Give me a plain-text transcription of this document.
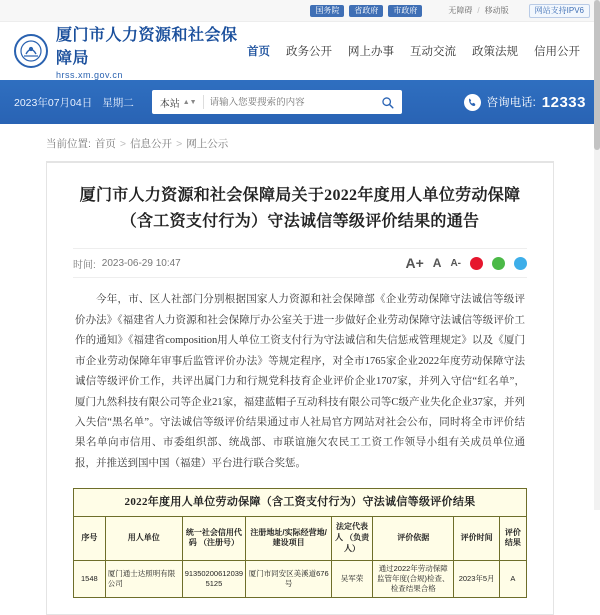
国务院	省政府	市政府	无障碍 / 移动版	网站支持IPV6
厦门市人力资源和社会保障局
hrss.xm.gov.cn
首页 政务公开 网上办事 互动交流 政策法规 信用公开
2023年07月04日 星期二	本站 ▲▼
请输入您要搜索的内容	咨询电话: 12333
当前位置: 首页 > 信息公开 > 网上公示
厦门市人力资源和社会保障局关于2022年度用人单位劳动保障（含工资支付行为）守法诚信等级评价结果的通告
时间: 2023-06-29 10:47	A+ A A-
今年，市、区人社部门分别根据国家人力资源和社会保障部《企业劳动保障守法诚信等级评价办法》《福建省人力资源和社会保障厅办公室关于进一步做好企业劳动保障守法诚信等级评价工作的通知》《福建省composition用人单位工资支付行为守法诚信和失信惩戒管理规定》以及《厦门市企业劳动保障年审事后监管评价办法》等规定程序，对全市1765家企业2022年度劳动保障守法诚信等级评价工作，共评出属门力和行规党科技育企业评价企业1707家，并列入守信“红名单”，厦门九然科技有限公司等企业21家，福建蓝帽子互动科技有限公司等C级产业失化企业37家，并列入失信“黑名单”。守法诚信等级评价结果通过市人社局官方网站对社会公布，同时将全市评价结果名单向市信用、市委组织部、统战部、市联谊施欠农民工工资工作领导小组有关成员单位通报，并推送到国中国（福建）平台进行联合奖惩。
2022年度用人单位劳动保障（含工资支付行为）守法诚信等级评价结果							
序号	用人单位	统一社会信用代码 （注册号）	注册地址/实际经营地/建设项目	法定代表人 （负责人）	评价依据	评价时间	评价 结果
1548	厦门通士达照明有限公司	913502006120395125	厦门市同安区美溪道676号	吴军荣	通过2022年劳动保障监管年度(合规)检查、检查结果合格	2023年5月	A
